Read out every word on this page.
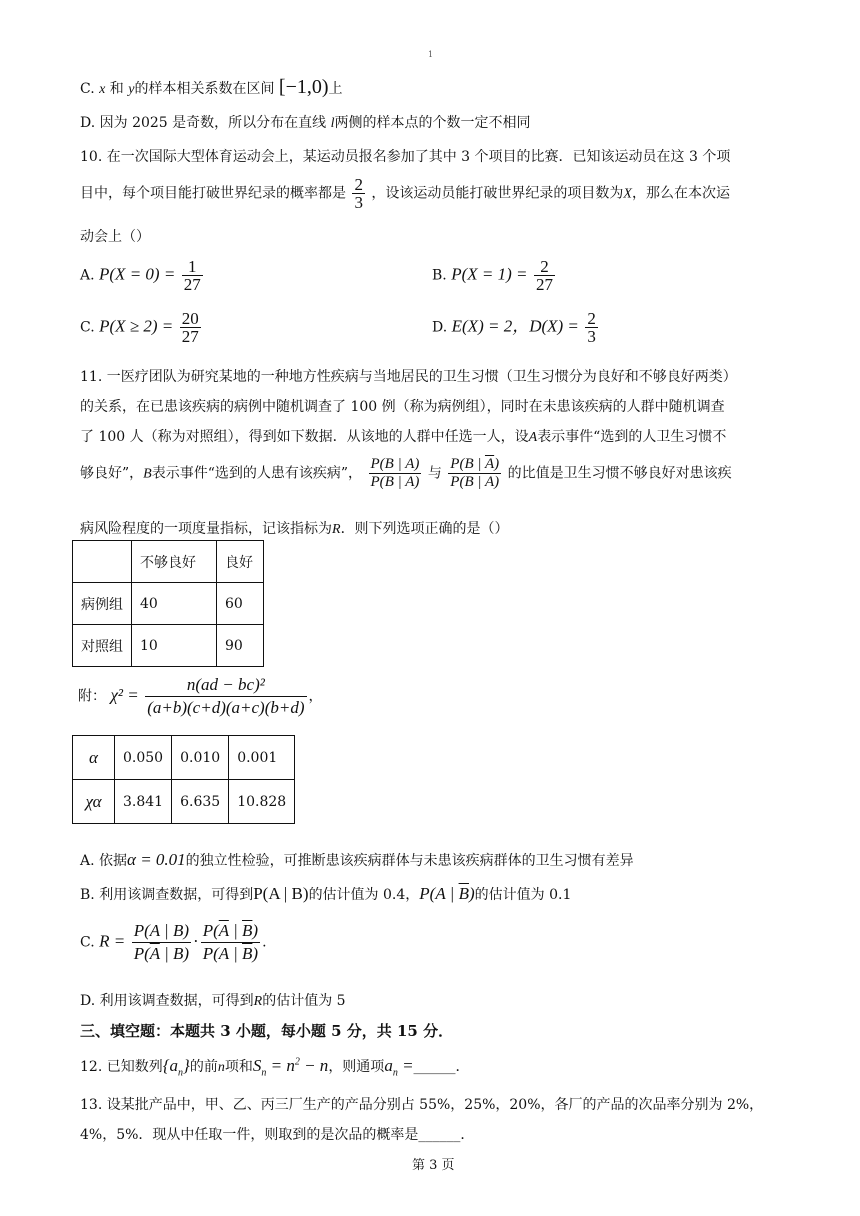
1
C. x 和 y的样本相关系数在区间 [−1,0)上
D. 因为 2025 是奇数，所以分布在直线 l两侧的样本点的个数一定不相同
10. 在一次国际大型体育运动会上，某运动员报名参加了其中 3 个项目的比赛．已知该运动员在这 3 个项
目中，每个项目能打破世界纪录的概率都是 $\frac{2}{3}$ ，设该运动员能打破世界纪录的项目数为X，那么在本次运
动会上（）
A. $P(X = 0) = \frac{1}{27}$	B. $P(X = 1) = \frac{2}{27}$
C. $P(X \ge 2) = \frac{20}{27}$	D. E(X) = 2，$D(X) = \frac{2}{3}$
11. 一医疗团队为研究某地的一种地方性疾病与当地居民的卫生习惯（卫生习惯分为良好和不够良好两类）
的关系，在已患该疾病的病例中随机调查了 100 例（称为病例组），同时在未患该疾病的人群中随机调查
了 100 人（称为对照组），得到如下数据．从该地的人群中任选一人，设A表示事件“选到的人卫生习惯不
够良好”，B表示事件“选到的人患有该疾病”， $\frac{P(B | A)}{P(\overline{B} | A)}$ 与 $\frac{P(B | \overline{A})}{P(\overline{B} | \overline{A})}$ 的比值是卫生习惯不够良好对患该疾
病风险程度的一项度量指标，记该指标为R．则下列选项正确的是（）
	不够良好	良好
病例组	40	60
对照组	10	90
附： $\chi^2 = \frac{\text{n(ad − bc)²}}{(a+b)(c+d)(a+c)(b+d)}$ ，
α	0.050	0.010	0.001
χα	3.841	6.635	10.828
A. 依据α = 0.01的独立性检验，可推断患该疾病群体与未患该疾病群体的卫生习惯有差异
B. 利用该调查数据，可得到P(A | B)的估计值为 0.4，P(A | $\overline{B}$)的估计值为 0.1
C. $R = \frac{P(A | B)}{P(\overline{A} | B)} \cdot \frac{P(\overline{A} | \overline{B})}{P(A | \overline{B})}$ .
D. 利用该调查数据，可得到R的估计值为 5
三、填空题：本题共 3 小题，每小题 5 分，共 15 分．
12. 已知数列$\{a_n\}$的前n项和$S_n = n^2 - n$，则通项$a_n$ =______．
13. 设某批产品中，甲、乙、丙三厂生产的产品分别占 55%，25%，20%，各厂的产品的次品率分别为 2%，
4%，5%．现从中任取一件，则取到的是次品的概率是______．
第 3 页
